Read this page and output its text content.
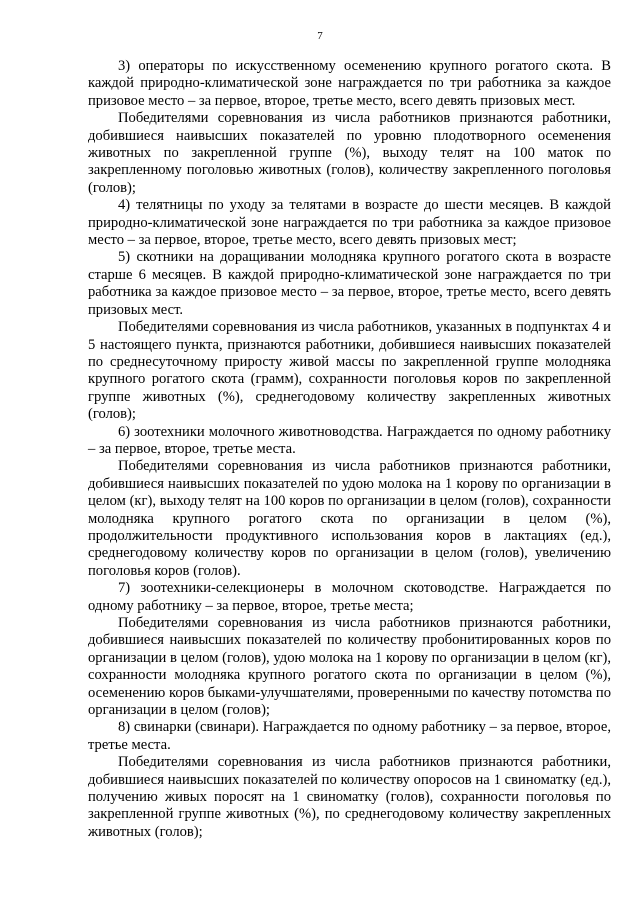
7

3) операторы по искусственному осеменению крупного рогатого скота. В каждой природно-климатической зоне награждается по три работника за каждое призовое место – за первое, второе, третье место, всего девять призовых мест.

Победителями соревнования из числа работников признаются работники, добившиеся наивысших показателей по уровню плодотворного осеменения животных по закрепленной группе (%), выходу телят на 100 маток по закрепленному поголовью животных (голов), количеству закрепленного поголовья (голов);

4) телятницы по уходу за телятами в возрасте до шести месяцев. В каждой природно-климатической зоне награждается по три работника за каждое призовое место – за первое, второе, третье место, всего девять призовых мест;

5) скотники на доращивании молодняка крупного рогатого скота в возрасте старше 6 месяцев. В каждой природно-климатической зоне награждается по три работника за каждое призовое место – за первое, второе, третье место, всего девять призовых мест.

Победителями соревнования из числа работников, указанных в подпунктах 4 и 5 настоящего пункта, признаются работники, добившиеся наивысших показателей по среднесуточному приросту живой массы по закрепленной группе молодняка крупного рогатого скота (грамм), сохранности поголовья коров по закрепленной группе животных (%), среднегодовому количеству закрепленных животных (голов);

6) зоотехники молочного животноводства. Награждается по одному работнику – за первое, второе, третье места.

Победителями соревнования из числа работников признаются работники, добившиеся наивысших показателей по удою молока на 1 корову по организации в целом (кг), выходу телят на 100 коров по организации в целом (голов), сохранности молодняка крупного рогатого скота по организации в целом (%), продолжительности продуктивного использования коров в лактациях (ед.), среднегодовому количеству коров по организации в целом (голов), увеличению поголовья коров (голов).

7) зоотехники-селекционеры в молочном скотоводстве. Награждается по одному работнику – за первое, второе, третье места;

Победителями соревнования из числа работников признаются работники, добившиеся наивысших показателей по количеству пробонитированных коров по организации в целом (голов), удою молока на 1 корову по организации в целом (кг), сохранности молодняка крупного рогатого скота по организации в целом (%), осеменению коров быками-улучшателями, проверенными по качеству потомства по организации в целом (голов);

8) свинарки (свинари). Награждается по одному работнику – за первое, второе, третье места.

Победителями соревнования из числа работников признаются работники, добившиеся наивысших показателей по количеству опоросов на 1 свиноматку (ед.), получению живых поросят на 1 свиноматку (голов), сохранности поголовья по закрепленной группе животных (%), по среднегодовому количеству закрепленных животных (голов);
